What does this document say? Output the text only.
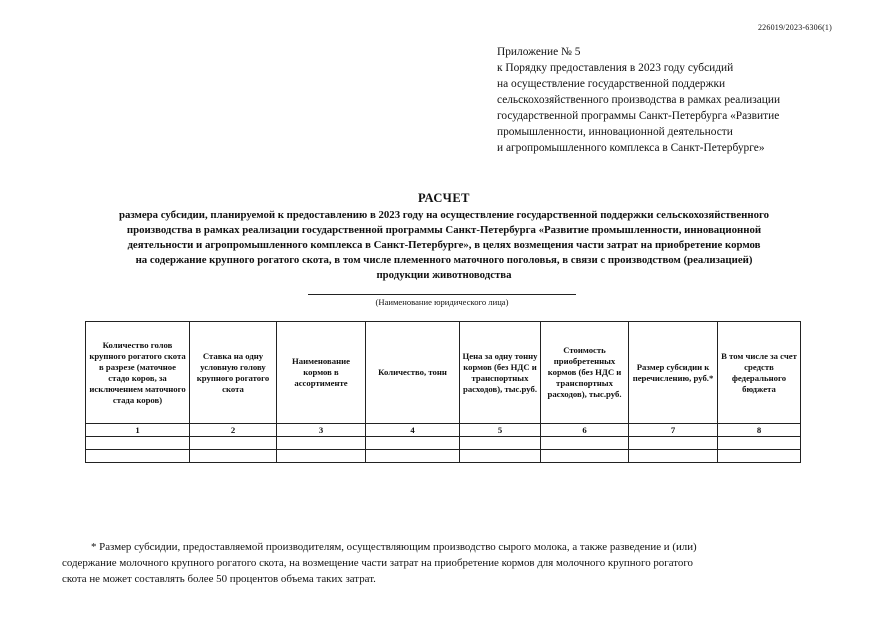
226019/2023-6306(1)
Приложение № 5
к Порядку предоставления в 2023 году субсидий
на осуществление государственной поддержки
сельскохозяйственного производства в рамках реализации
государственной программы Санкт-Петербурга «Развитие
промышленности, инновационной деятельности
и агропромышленного комплекса в Санкт-Петербурге»
РАСЧЕТ
размера субсидии, планируемой к предоставлению в 2023 году на осуществление государственной поддержки сельскохозяйственного
производства в рамках реализации государственной программы Санкт-Петербурга «Развитие промышленности, инновационной
деятельности и агропромышленного комплекса в Санкт-Петербурге», в целях возмещения части затрат на приобретение кормов
на содержание крупного рогатого скота, в том числе племенного маточного поголовья, в связи с производством (реализацией)
продукции животноводства
(Наименование юридического лица)
Количество голов крупного рогатого скота в разрезе (маточное стадо коров, за исключением маточного стада коров)	Ставка на одну условную голову крупного рогатого скота	Наименование кормов в ассортименте	Количество, тонн	Цена за одну тонну кормов (без НДС и транспортных расходов), тыс.руб.	Стоимость приобретенных кормов (без НДС и транспортных расходов), тыс.руб.	Размер субсидии к перечислению, руб.*	В том числе за счет средств федерального бюджета
1	2	3	4	5	6	7	8

* Размер субсидии, предоставляемой производителям, осуществляющим производство сырого молока, а также разведение и (или)
содержание молочного крупного рогатого скота, на возмещение части затрат на приобретение кормов для молочного крупного рогатого
скота не может составлять более 50 процентов объема таких затрат.
